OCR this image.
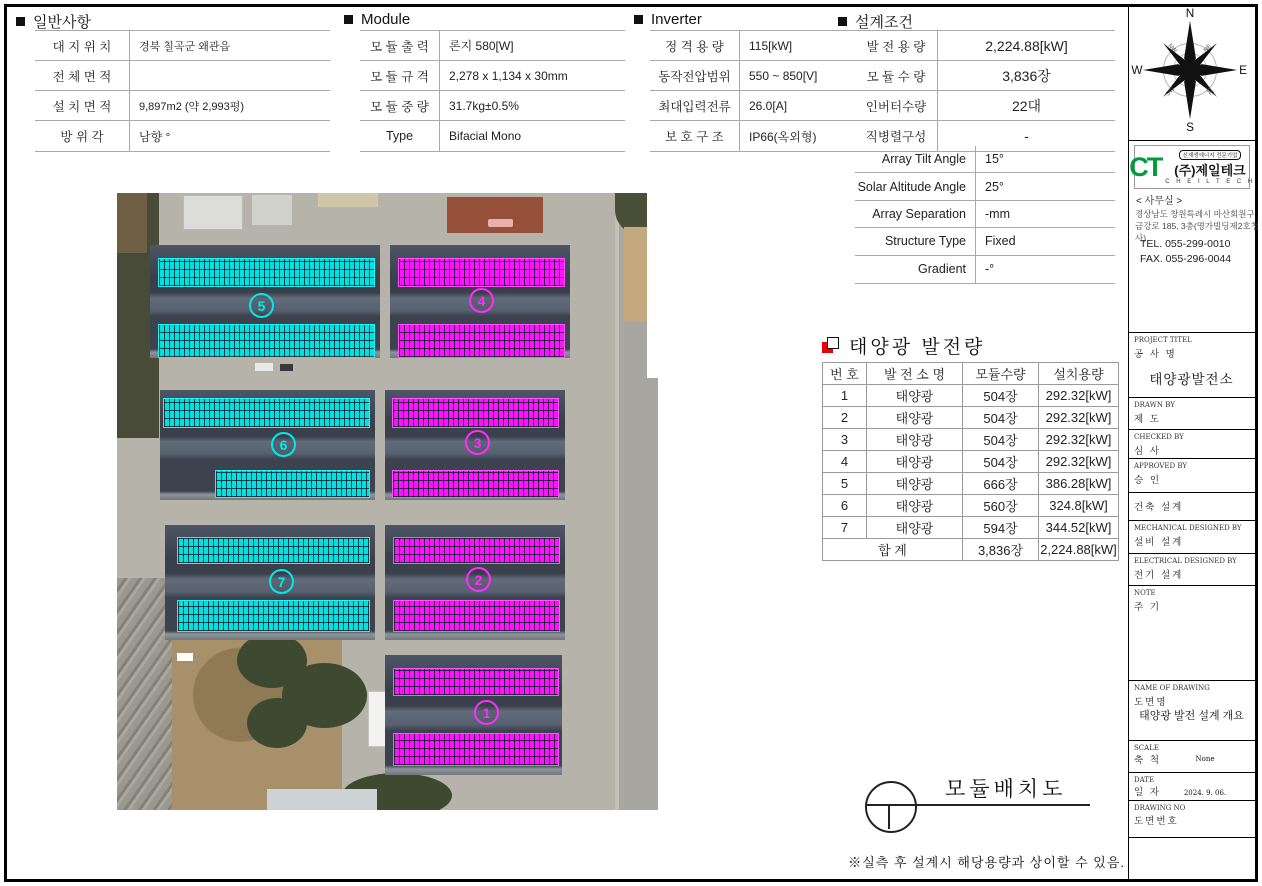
일반사항	Module	Inverter	설계조건
대 지 위 치	경북 칠곡군 왜관읍
전 체 면 적
설 치 면 적	9,897m2 (약 2,993평)
방 위 각	남향 °
모 듈 출 력	론지 580[W]
모 듈 규 격	2,278 x 1,134 x 30mm
모 듈 중 량	31.7kg±0.5%
Type	Bifacial Mono
정 격 용 량	115[kW]
동작전압범위	550 ~ 850[V]
최대입력전류	26.0[A]
보 호 구 조	IP66(옥외형)
발 전 용 량	2,224.88[kW]
모 듈 수 량	3,836장
인버터수량	22대
직병렬구성	-
Array Tilt Angle	15°
Solar Altitude Angle	25°
Array Separation	-mm
Structure Type	Fixed
Gradient	-°
태양광 발전량
번 호	발 전 소 명	모듈수량	설치용량
1	태양광	504장	292.32[kW]
2	태양광	504장	292.32[kW]
3	태양광	504장	292.32[kW]
4	태양광	504장	292.32[kW]
5	태양광	666장	386.28[kW]
6	태양광	560장	324.8[kW]
7	태양광	594장	344.52[kW]
합 계		3,836장	2,224.88[kW]
모듈배치도
※실측 후 설계시 해당용량과 상이할 수 있음.
5	4
6	3
7	2
1
N
S
E
W
NW	NE
SW	SE
CT	신재생에너지 전문기업
(주)제일테크
C H E I L T E C H
< 사무실 >
경상남도 창원특례시 마산회원구
금강로 185, 3층(명가빌딩제2호청사)
TEL. 055-299-0010
FAX. 055-296-0044
PROJECT TITEL
공 사 명
태양광발전소
DRAWN BY
제 도
CHECKED BY
심 사
APPROVED BY
승 인
건축 설계
MECHANICAL DESIGNED BY
설비 설계
ELECTRICAL DESIGNED BY
전기 설계
NOTE
주 기
NAME OF DRAWING
도면명
태양광 발전 설계 개요
SCALE
축 척	None
DATE
일 자	2024. 9. 06.
DRAWING NO
도면번호
